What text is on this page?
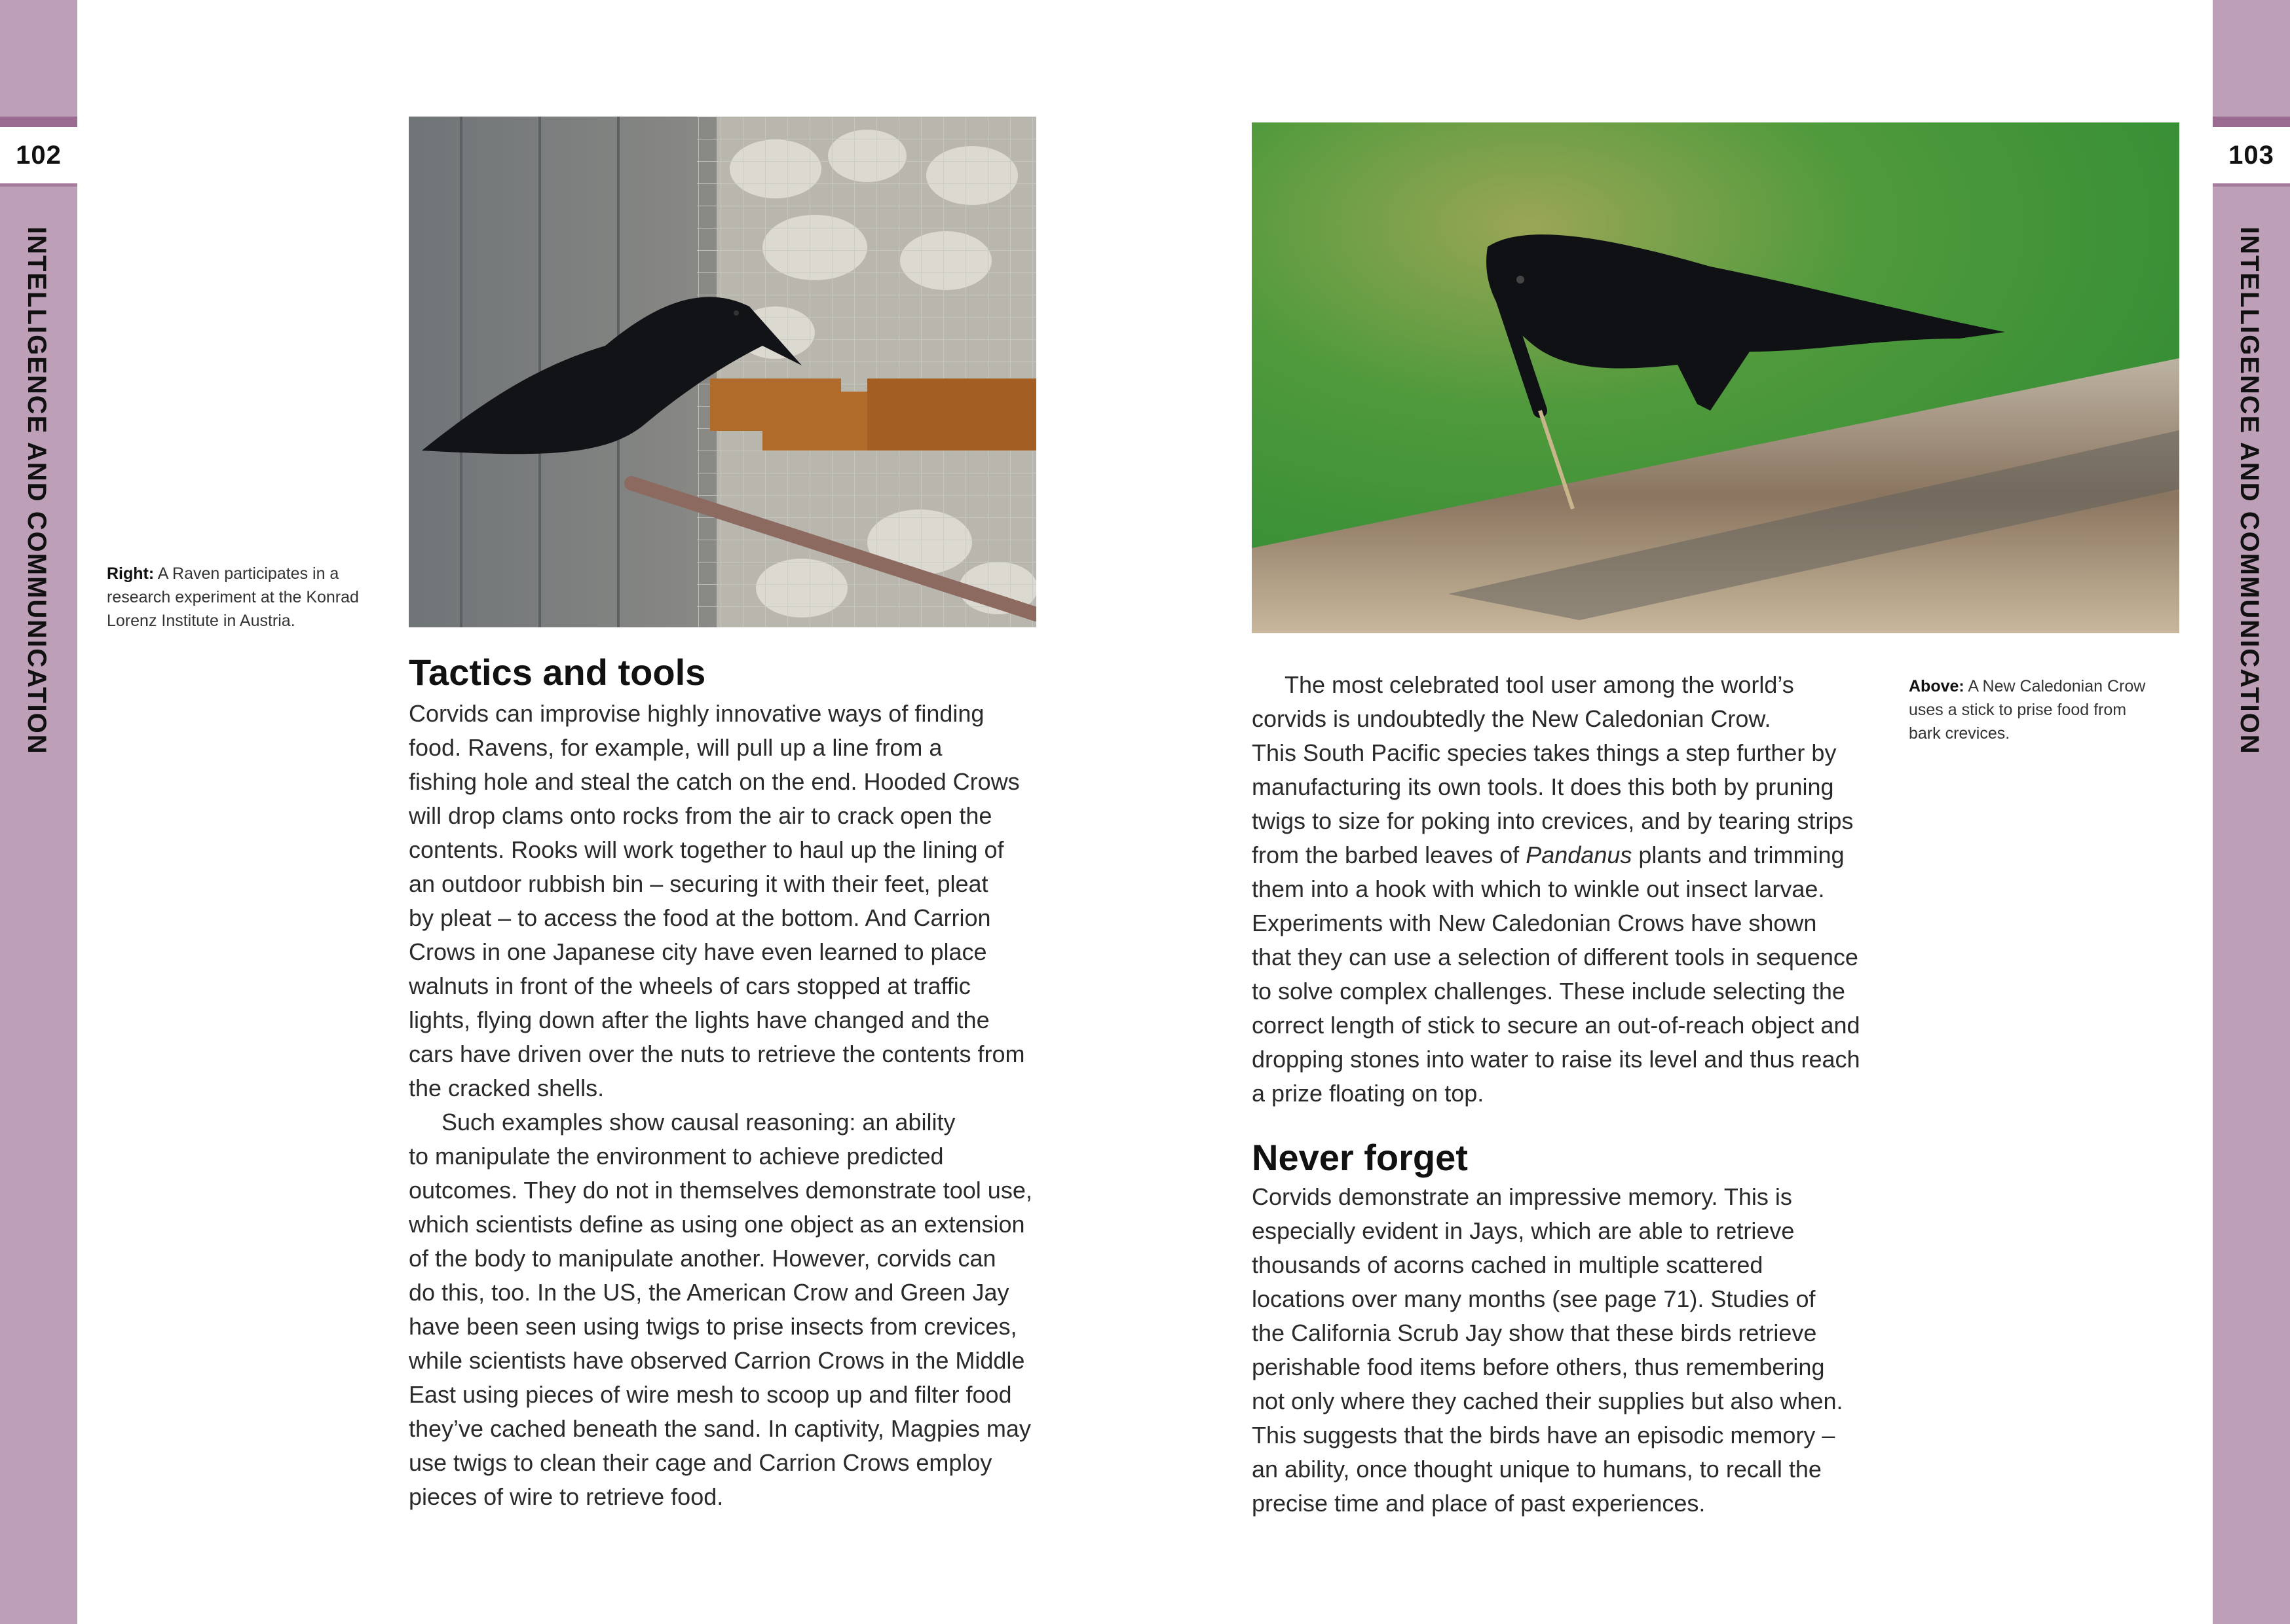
102
INTELLIGENCE AND COMMUNICATION
103
INTELLIGENCE AND COMMUNICATION
Right: A Raven participates in a
research experiment at the Konrad
Lorenz Institute in Austria.
Tactics and tools
Corvids can improvise highly innovative ways of finding
food. Ravens, for example, will pull up a line from a
fishing hole and steal the catch on the end. Hooded Crows
will drop clams onto rocks from the air to crack open the
contents. Rooks will work together to haul up the lining of
an outdoor rubbish bin – securing it with their feet, pleat
by pleat – to access the food at the bottom. And Carrion
Crows in one Japanese city have even learned to place
walnuts in front of the wheels of cars stopped at traffic
lights, flying down after the lights have changed and the
cars have driven over the nuts to retrieve the contents from
the cracked shells.
Such examples show causal reasoning: an ability
to manipulate the environment to achieve predicted
outcomes. They do not in themselves demonstrate tool use,
which scientists define as using one object as an extension
of the body to manipulate another. However, corvids can
do this, too. In the US, the American Crow and Green Jay
have been seen using twigs to prise insects from crevices,
while scientists have observed Carrion Crows in the Middle
East using pieces of wire mesh to scoop up and filter food
they’ve cached beneath the sand. In captivity, Magpies may
use twigs to clean their cage and Carrion Crows employ
pieces of wire to retrieve food.
Above: A New Caledonian Crow
uses a stick to prise food from
bark crevices.
The most celebrated tool user among the world’s
corvids is undoubtedly the New Caledonian Crow.
This South Pacific species takes things a step further by
manufacturing its own tools. It does this both by pruning
twigs to size for poking into crevices, and by tearing strips
from the barbed leaves of Pandanus plants and trimming
them into a hook with which to winkle out insect larvae.
Experiments with New Caledonian Crows have shown
that they can use a selection of different tools in sequence
to solve complex challenges. These include selecting the
correct length of stick to secure an out-of-reach object and
dropping stones into water to raise its level and thus reach
a prize floating on top.
Never forget
Corvids demonstrate an impressive memory. This is
especially evident in Jays, which are able to retrieve
thousands of acorns cached in multiple scattered
locations over many months (see page 71). Studies of
the California Scrub Jay show that these birds retrieve
perishable food items before others, thus remembering
not only where they cached their supplies but also when.
This suggests that the birds have an episodic memory –
an ability, once thought unique to humans, to recall the
precise time and place of past experiences.
